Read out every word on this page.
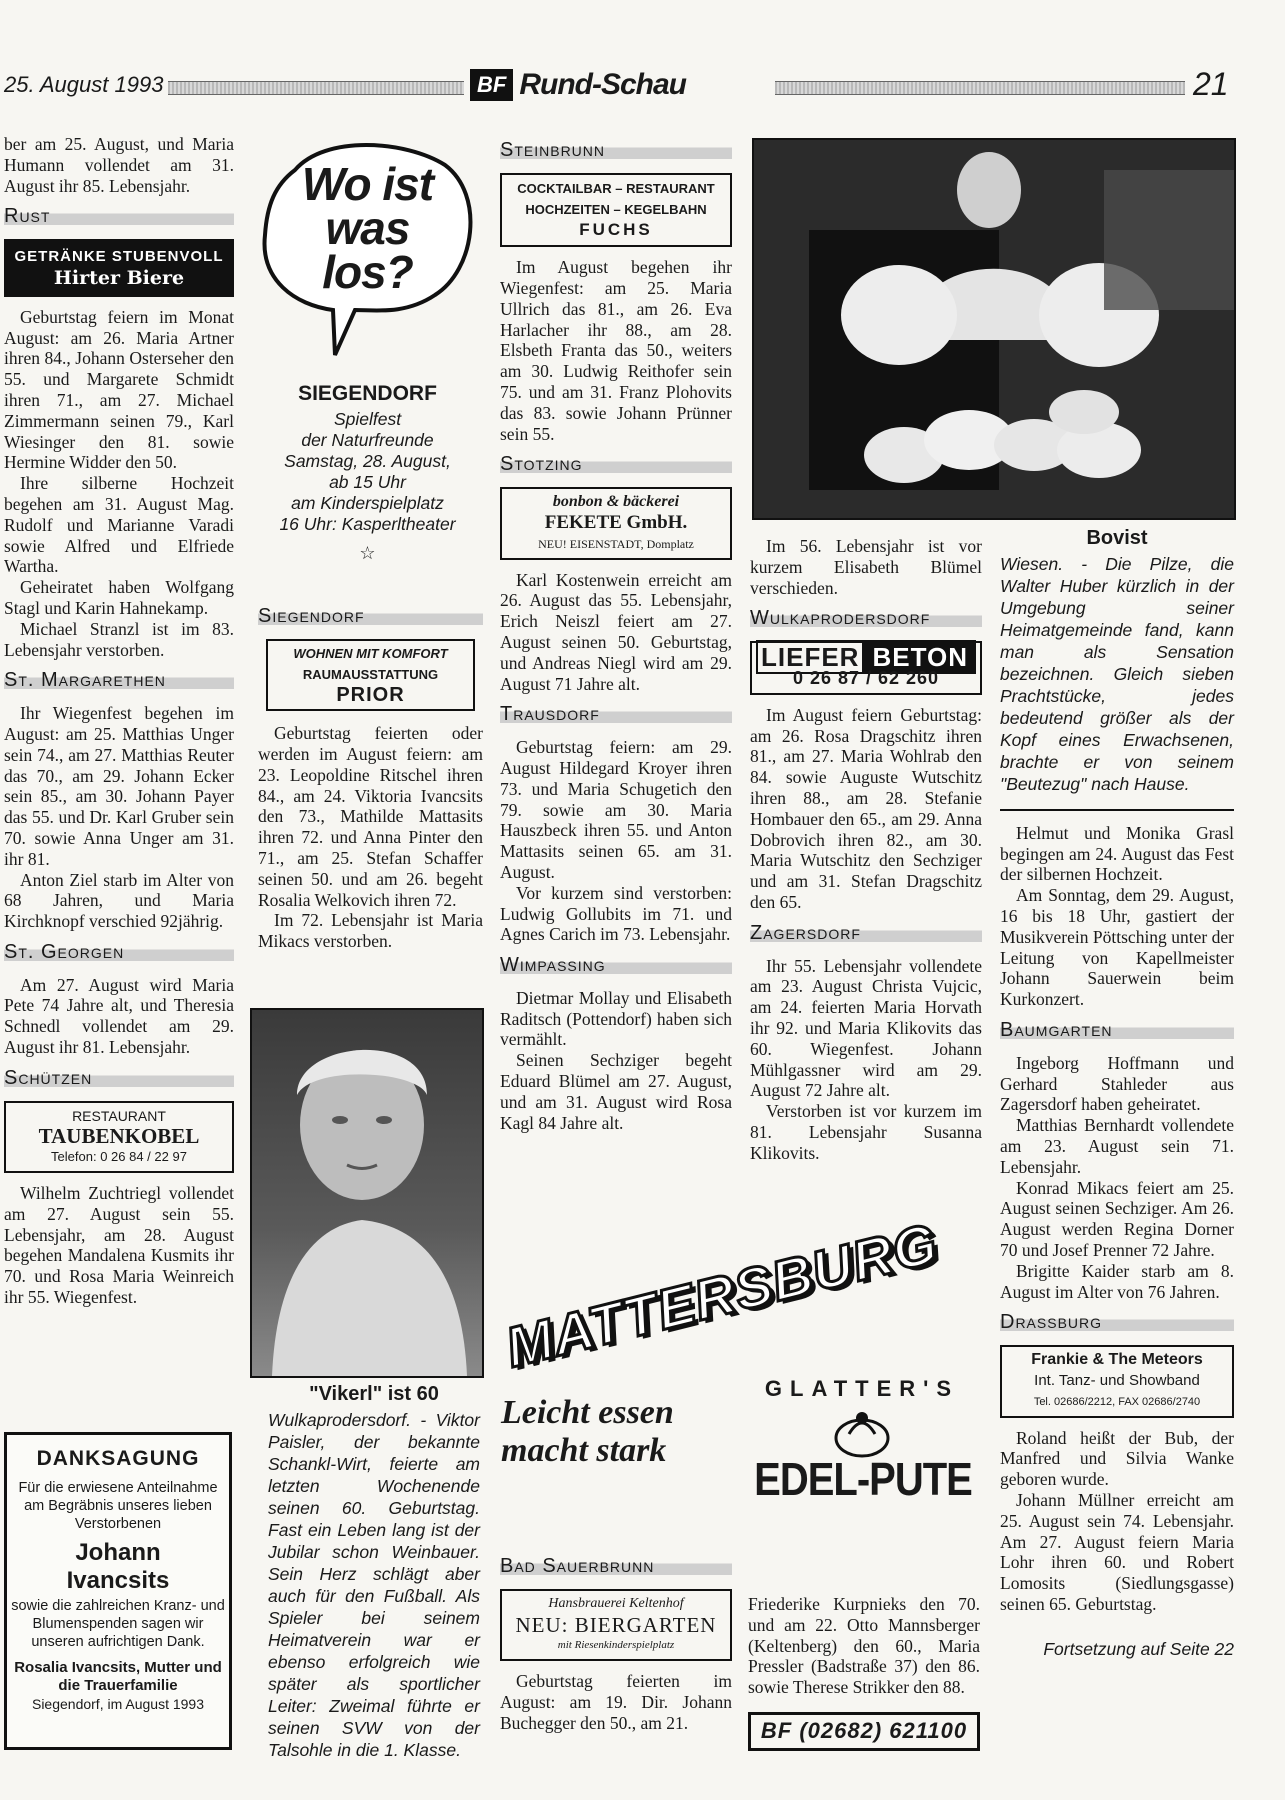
25. August 1993	BF Rund-Schau	21

ber am 25. August, und Maria Humann vollendet am 31. August ihr 85. Lebensjahr.

Rust
GETRÄNKE STUBENVOLL
Hirter Biere

Geburtstag feiern im Monat August: am 26. Maria Artner ihren 84., Johann Osterseher den 55. und Margarete Schmidt ihren 71., am 27. Michael Zimmermann seinen 79., Karl Wiesinger den 81. sowie Hermine Widder den 50.

Ihre silberne Hochzeit begehen am 31. August Mag. Rudolf und Marianne Varadi sowie Alfred und Elfriede Wartha.

Geheiratet haben Wolfgang Stagl und Karin Hahnekamp.

Michael Stranzl ist im 83. Lebensjahr verstorben.

St. Margarethen

Ihr Wiegenfest begehen im August: am 25. Matthias Unger sein 74., am 27. Matthias Reuter das 70., am 29. Johann Ecker sein 85., am 30. Johann Payer das 55. und Dr. Karl Gruber sein 70. sowie Anna Unger am 31. ihr 81.

Anton Ziel starb im Alter von 68 Jahren, und Maria Kirchknopf verschied 92jährig.

St. Georgen

Am 27. August wird Maria Pete 74 Jahre alt, und Theresia Schnedl vollendet am 29. August ihr 81. Lebensjahr.

Schützen
RESTAURANT
TAUBENKOBEL
Telefon: 0 26 84 / 22 97

Wilhelm Zuchtriegl vollendet am 27. August sein 55. Lebensjahr, am 28. August begehen Mandalena Kusmits ihr 70. und Rosa Maria Weinreich ihr 55. Wiegenfest.

DANKSAGUNG
Für die erwiesene Anteilnahme am Begräbnis unseres lieben Verstorbenen
Johann
Ivancsits
sowie die zahlreichen Kranz- und Blumenspenden sagen wir unseren aufrichtigen Dank.
Rosalia Ivancsits, Mutter und die Trauerfamilie
Siegendorf, im August 1993
Wo ist was los?
SIEGENDORF
Spielfest
der Naturfreunde
Samstag, 28. August,
ab 15 Uhr
am Kinderspielplatz
16 Uhr: Kasperltheater
☆
Siegendorf
WOHNEN MIT KOMFORT
RAUMAUSSTATTUNG
PRIOR

Geburtstag feierten oder werden im August feiern: am 23. Leopoldine Ritschel ihren 84., am 24. Viktoria Ivancsits den 73., Mathilde Mattasits ihren 72. und Anna Pinter den 71., am 25. Stefan Schaffer seinen 50. und am 26. begeht Rosalia Welkovich ihren 72.

Im 72. Lebensjahr ist Maria Mikacs verstorben.

"Vikerl" ist 60
Wulkaprodersdorf. - Viktor Paisler, der bekannte Schankl-Wirt, feierte am letzten Wochenende seinen 60. Geburtstag. Fast ein Leben lang ist der Jubilar schon Weinbauer. Sein Herz schlägt aber auch für den Fußball. Als Spieler bei seinem Heimatverein war er ebenso erfolgreich wie später als sportlicher Leiter: Zweimal führte er seinen SVW von der Talsohle in die 1. Klasse.
Steinbrunn
COCKTAILBAR – RESTAURANT
HOCHZEITEN – KEGELBAHN
FUCHS

Im August begehen ihr Wiegenfest: am 25. Maria Ullrich das 81., am 26. Eva Harlacher ihr 88., am 28. Elsbeth Franta das 50., weiters am 30. Ludwig Reithofer sein 75. und am 31. Franz Plohovits das 83. sowie Johann Prünner sein 55.

Stotzing
bonbon & bäckerei
FEKETE GmbH.
NEU! EISENSTADT, Domplatz

Karl Kostenwein erreicht am 26. August das 55. Lebensjahr, Erich Neiszl feiert am 27. August seinen 50. Geburtstag, und Andreas Niegl wird am 29. August 71 Jahre alt.

Trausdorf

Geburtstag feiern: am 29. August Hildegard Kroyer ihren 73. und Maria Schugetich den 79. sowie am 30. Maria Hauszbeck ihren 55. und Anton Mattasits seinen 65. am 31. August.

Vor kurzem sind verstorben: Ludwig Gollubits im 71. und Agnes Carich im 73. Lebensjahr.

Wimpassing

Dietmar Mollay und Elisabeth Raditsch (Pottendorf) haben sich vermählt.

Seinen Sechziger begeht Eduard Blümel am 27. August, und am 31. August wird Rosa Kagl 84 Jahre alt.

MATTERSBURG
Leicht essen
macht stark
GLATTER'S
EDEL-PUTE
Bad Sauerbrunn
Hansbrauerei Keltenhof
NEU: BIERGARTEN
mit Riesenkinderspielplatz

Geburtstag feierten im August: am 19. Dir. Johann Buchegger den 50., am 21.

Im 56. Lebensjahr ist vor kurzem Elisabeth Blümel verschieden.

Wulkaprodersdorf
LIEFER BETON
0 26 87 / 62 260

Im August feiern Geburtstag: am 26. Rosa Dragschitz ihren 81., am 27. Maria Wohlrab den 84. sowie Auguste Wutschitz ihren 88., am 28. Stefanie Hombauer den 65., am 29. Anna Dobrovich ihren 82., am 30. Maria Wutschitz den Sechziger und am 31. Stefan Dragschitz den 65.

Zagersdorf

Ihr 55. Lebensjahr vollendete am 23. August Christa Vujcic, am 24. feierten Maria Horvath ihr 92. und Maria Klikovits das 60. Wiegenfest. Johann Mühlgassner wird am 29. August 72 Jahre alt.

Verstorben ist vor kurzem im 81. Lebensjahr Susanna Klikovits.

Friederike Kurpnieks den 70. und am 22. Otto Mannsberger (Keltenberg) den 60., Maria Pressler (Badstraße 37) den 86. sowie Therese Strikker den 88.

BF (02682) 621100
Bovist
Wiesen. - Die Pilze, die Walter Huber kürzlich in der Umgebung seiner Heimatgemeinde fand, kann man als Sensation bezeichnen. Gleich sieben Prachtstücke, jedes bedeutend größer als der Kopf eines Erwachsenen, brachte er von seinem "Beutezug" nach Hause.

Helmut und Monika Grasl begingen am 24. August das Fest der silbernen Hochzeit.

Am Sonntag, dem 29. August, 16 bis 18 Uhr, gastiert der Musikverein Pöttsching unter der Leitung von Kapellmeister Johann Sauerwein beim Kurkonzert.

Baumgarten

Ingeborg Hoffmann und Gerhard Stahleder aus Zagersdorf haben geheiratet.

Matthias Bernhardt vollendete am 23. August sein 71. Lebensjahr.

Konrad Mikacs feiert am 25. August seinen Sechziger. Am 26. August werden Regina Dorner 70 und Josef Prenner 72 Jahre.

Brigitte Kaider starb am 8. August im Alter von 76 Jahren.

Drassburg
Frankie & The Meteors
Int. Tanz- und Showband
Tel. 02686/2212, FAX 02686/2740

Roland heißt der Bub, der Manfred und Silvia Wanke geboren wurde.

Johann Müllner erreicht am 25. August sein 74. Lebensjahr. Am 27. August feiern Maria Lohr ihren 60. und Robert Lomosits (Siedlungsgasse) seinen 65. Geburtstag.

Fortsetzung auf Seite 22
